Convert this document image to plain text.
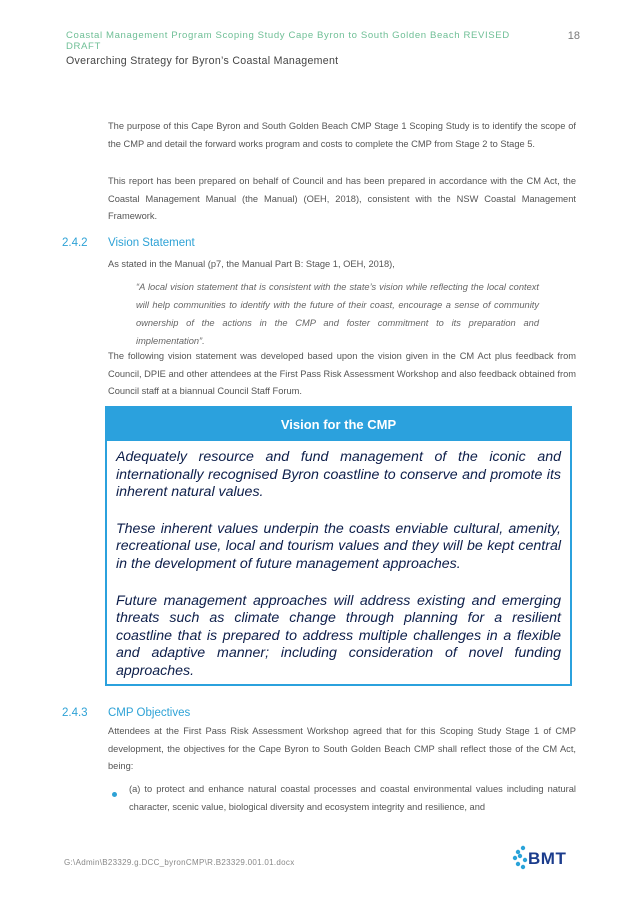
Coastal Management Program Scoping Study Cape Byron to South Golden Beach REVISED DRAFT
18
Overarching Strategy for Byron’s Coastal Management

The purpose of this Cape Byron and South Golden Beach CMP Stage 1 Scoping Study is to identify the scope of the CMP and detail the forward works program and costs to complete the CMP from Stage 2 to Stage 5.

This report has been prepared on behalf of Council and has been prepared in accordance with the CM Act, the Coastal Management Manual (the Manual) (OEH, 2018), consistent with the NSW Coastal Management Framework.

2.4.2 Vision Statement

As stated in the Manual (p7, the Manual Part B: Stage 1, OEH, 2018),

“A local vision statement that is consistent with the state’s vision while reflecting the local context will help communities to identify with the future of their coast, encourage a sense of community ownership of the actions in the CMP and foster commitment to its preparation and implementation”.

The following vision statement was developed based upon the vision given in the CM Act plus feedback from Council, DPIE and other attendees at the First Pass Risk Assessment Workshop and also feedback obtained from Council staff at a biannual Council Staff Forum.

Vision for the CMP

Adequately resource and fund management of the iconic and internationally recognised Byron coastline to conserve and promote its inherent natural values.

These inherent values underpin the coasts enviable cultural, amenity, recreational use, local and tourism values and they will be kept central in the development of future management approaches.

Future management approaches will address existing and emerging threats such as climate change through planning for a resilient coastline that is prepared to address multiple challenges in a flexible and adaptive manner; including consideration of novel funding approaches.

2.4.3 CMP Objectives

Attendees at the First Pass Risk Assessment Workshop agreed that for this Scoping Study Stage 1 of CMP development, the objectives for the Cape Byron to South Golden Beach CMP shall reflect those of the CM Act, being:

(a) to protect and enhance natural coastal processes and coastal environmental values including natural character, scenic value, biological diversity and ecosystem integrity and resilience, and

G:\Admin\B23329.g.DCC_byronCMP\R.B23329.001.01.docx	BMT
